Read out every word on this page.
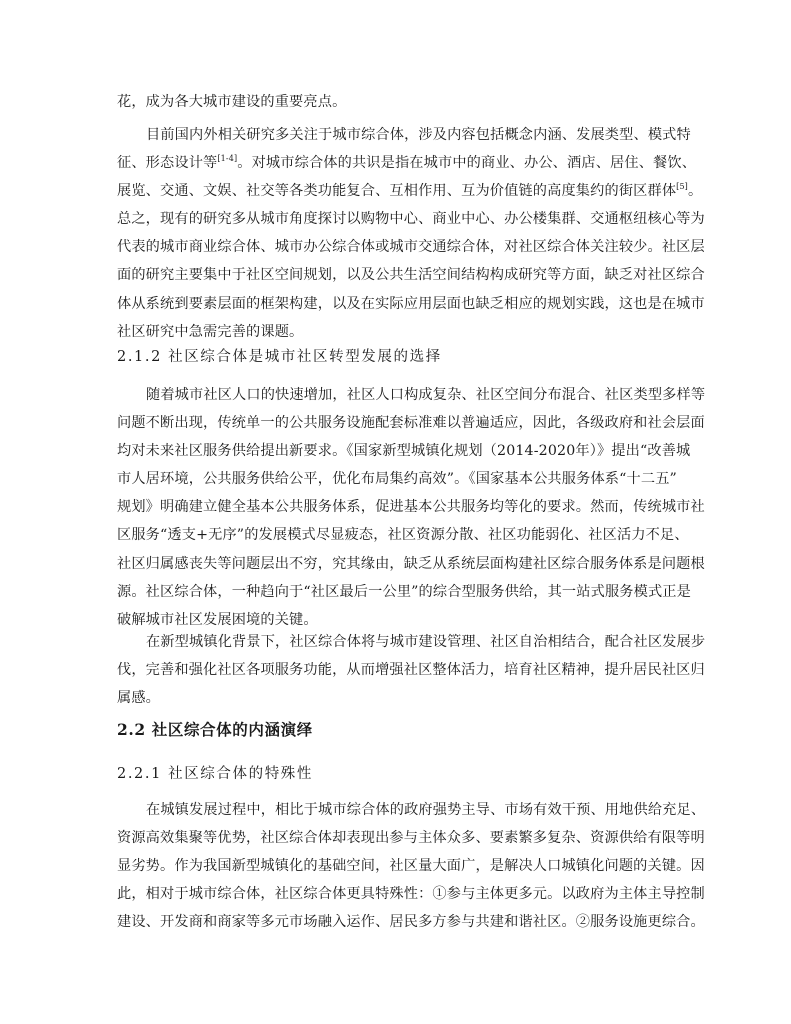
花，成为各大城市建设的重要亮点。
目前国内外相关研究多关注于城市综合体，涉及内容包括概念内涵、发展类型、模式特
征、形态设计等[1-4]。对城市综合体的共识是指在城市中的商业、办公、酒店、居住、餐饮、
展览、交通、文娱、社交等各类功能复合、互相作用、互为价值链的高度集约的街区群体[5]。
总之，现有的研究多从城市角度探讨以购物中心、商业中心、办公楼集群、交通枢纽核心等为
代表的城市商业综合体、城市办公综合体或城市交通综合体，对社区综合体关注较少。社区层
面的研究主要集中于社区空间规划，以及公共生活空间结构构成研究等方面，缺乏对社区综合
体从系统到要素层面的框架构建，以及在实际应用层面也缺乏相应的规划实践，这也是在城市
社区研究中急需完善的课题。
2.1.2 社区综合体是城市社区转型发展的选择
随着城市社区人口的快速增加，社区人口构成复杂、社区空间分布混合、社区类型多样等
问题不断出现，传统单一的公共服务设施配套标准难以普遍适应，因此，各级政府和社会层面
均对未来社区服务供给提出新要求。《国家新型城镇化规划（2014-2020年）》提出“改善城
市人居环境，公共服务供给公平，优化布局集约高效”。《国家基本公共服务体系“十二五”
规划》明确建立健全基本公共服务体系，促进基本公共服务均等化的要求。然而，传统城市社
区服务“透支+无序”的发展模式尽显疲态，社区资源分散、社区功能弱化、社区活力不足、
社区归属感丧失等问题层出不穷，究其缘由，缺乏从系统层面构建社区综合服务体系是问题根
源。社区综合体，一种趋向于“社区最后一公里”的综合型服务供给，其一站式服务模式正是
破解城市社区发展困境的关键。
在新型城镇化背景下，社区综合体将与城市建设管理、社区自治相结合，配合社区发展步
伐，完善和强化社区各项服务功能，从而增强社区整体活力，培育社区精神，提升居民社区归
属感。
2.2 社区综合体的内涵演绎
2.2.1 社区综合体的特殊性
在城镇发展过程中，相比于城市综合体的政府强势主导、市场有效干预、用地供给充足、
资源高效集聚等优势，社区综合体却表现出参与主体众多、要素繁多复杂、资源供给有限等明
显劣势。作为我国新型城镇化的基础空间，社区量大面广，是解决人口城镇化问题的关键。因
此，相对于城市综合体，社区综合体更具特殊性：①参与主体更多元。以政府为主体主导控制
建设、开发商和商家等多元市场融入运作、居民多方参与共建和谐社区。②服务设施更综合。
